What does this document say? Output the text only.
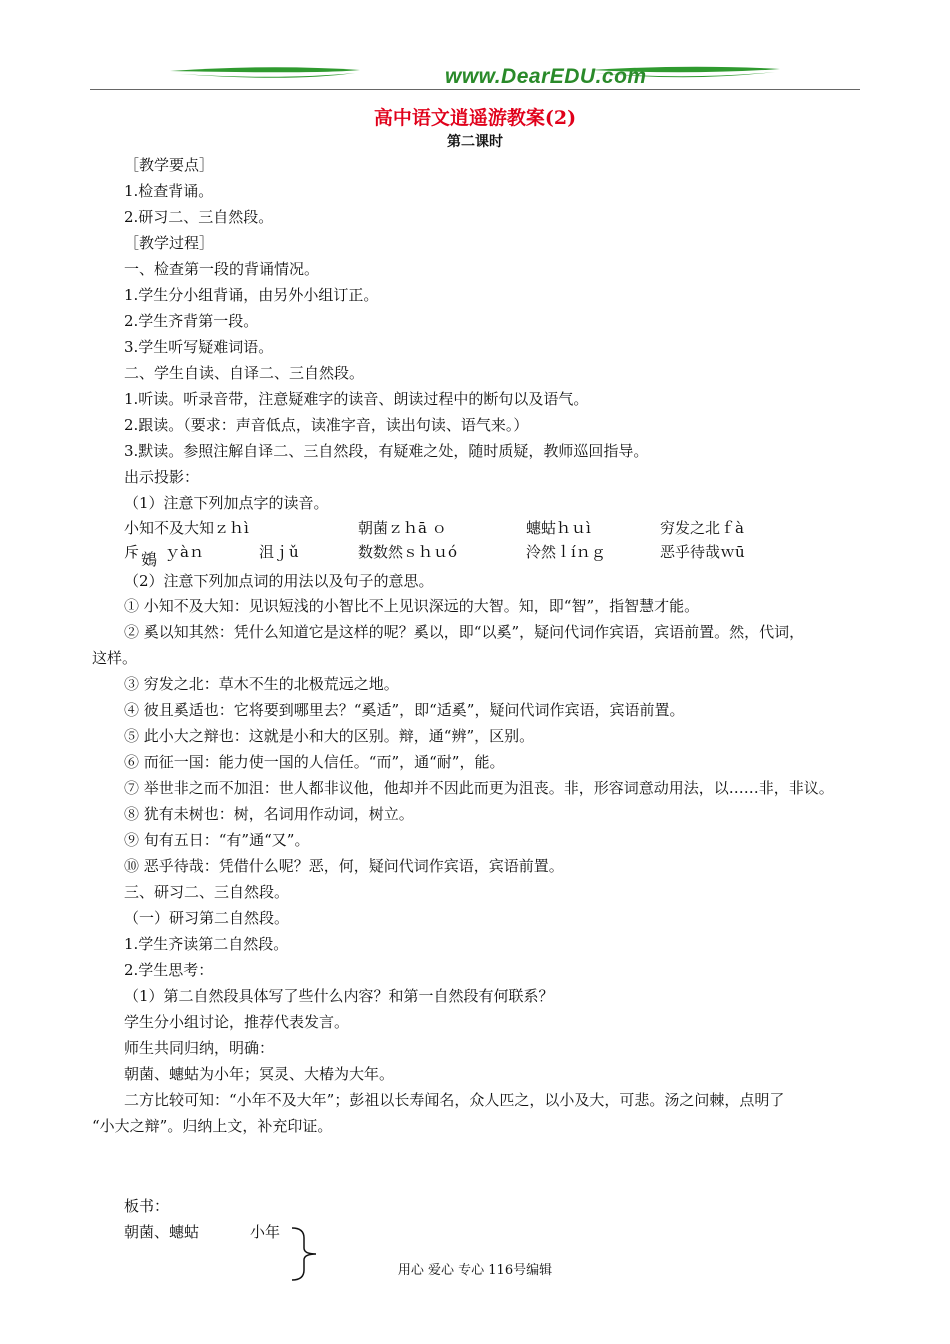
www.DearEDU.com
高中语文逍遥游教案(2)
第二课时
［教学要点］
1.检查背诵。
2.研习二、三自然段。
［教学过程］
一、检查第一段的背诵情况。
1.学生分小组背诵，由另外小组订正。
2.学生齐背第一段。
3.学生听写疑难词语。
二、学生自读、自译二、三自然段。
1.听读。听录音带，注意疑难字的读音、朗读过程中的断句以及语气。
2.跟读。（要求：声音低点，读准字音，读出句读、语气来。）
3.默读。参照注解自译二、三自然段，有疑难之处，随时质疑，教师巡回指导。
出示投影：
（1）注意下列加点字的读音。
小知不及大知ｚｈì	朝菌ｚｈā ｏ	蟪蛄ｈｕì	穷发之北ｆà
斥 鴳 ｙàｎ	沮ｊǔ	数数然ｓｈｕó	泠然ｌíｎｇ	恶乎待哉ｗū
（2）注意下列加点词的用法以及句子的意思。
① 小知不及大知：见识短浅的小智比不上见识深远的大智。知，即“智”，指智慧才能。
② 奚以知其然：凭什么知道它是这样的呢？奚以，即“以奚”，疑问代词作宾语，宾语前置。然，代词，
这样。
③ 穷发之北：草木不生的北极荒远之地。
④ 彼且奚适也：它将要到哪里去？“奚适”，即“适奚”，疑问代词作宾语，宾语前置。
⑤ 此小大之辩也：这就是小和大的区别。辩，通“辨”，区别。
⑥ 而征一国：能力使一国的人信任。“而”，通“耐”，能。
⑦ 举世非之而不加沮：世人都非议他，他却并不因此而更为沮丧。非，形容词意动用法，以……非，非议。
⑧ 犹有未树也：树，名词用作动词，树立。
⑨ 旬有五日：“有”通“又”。
⑩ 恶乎待哉：凭借什么呢？恶，何，疑问代词作宾语，宾语前置。
三、研习二、三自然段。
（一）研习第二自然段。
1.学生齐读第二自然段。
2.学生思考：
（1）第二自然段具体写了些什么内容？和第一自然段有何联系？
学生分小组讨论，推荐代表发言。
师生共同归纳，明确：
朝菌、蟪蛄为小年；冥灵、大椿为大年。
二方比较可知：“小年不及大年”；彭祖以长寿闻名，众人匹之，以小及大，可悲。汤之问棘，点明了
“小大之辩”。归纳上文，补充印证。
板书：
朝菌、蟪蛄	小年
用心 爱心 专心 116号编辑
